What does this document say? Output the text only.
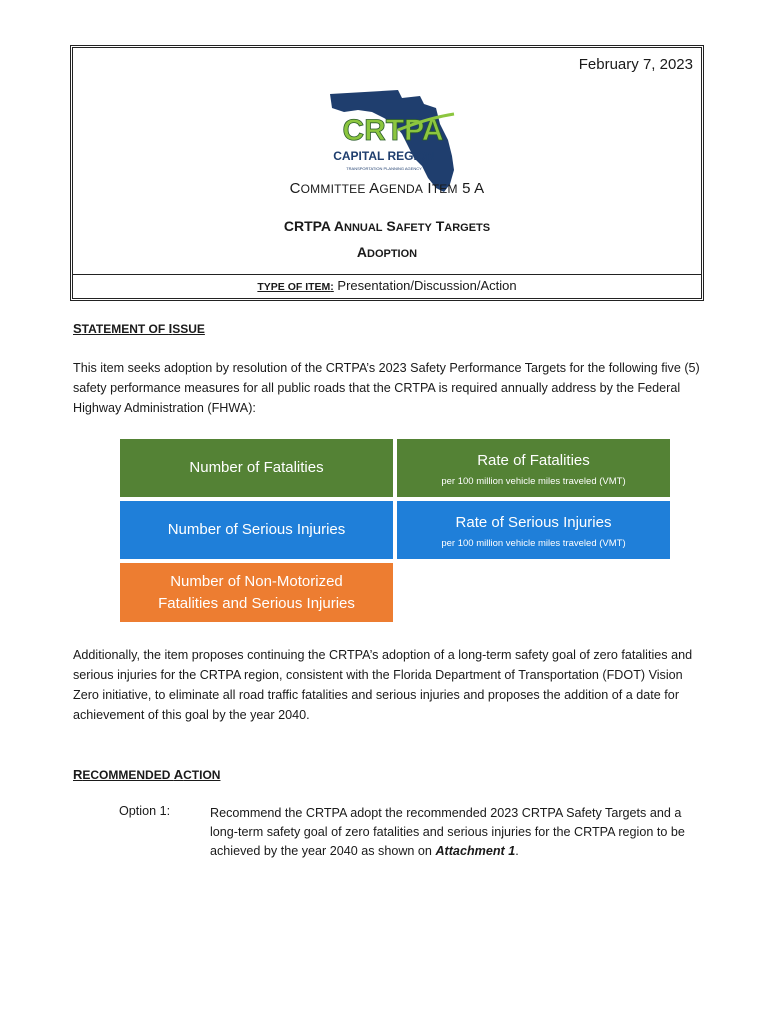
February 7, 2023
CRTPA
CAPITAL REGION
TRANSPORTATION PLANNING AGENCY
COMMITTEE AGENDA ITEM 5 A
CRTPA ANNUAL SAFETY TARGETS
ADOPTION
TYPE OF ITEM: Presentation/Discussion/Action
STATEMENT OF ISSUE

This item seeks adoption by resolution of the CRTPA’s 2023 Safety Performance Targets for the following five (5) safety performance measures for all public roads that the CRTPA is required annually address by the Federal Highway Administration (FHWA):

Number of Fatalities	Rate of Fatalities
per 100 million vehicle miles traveled (VMT)
Number of Serious Injuries	Rate of Serious Injuries
per 100 million vehicle miles traveled (VMT)
Number of Non-Motorized
Fatalities and Serious Injuries

Additionally, the item proposes continuing the CRTPA’s adoption of a long-term safety goal of zero fatalities and serious injuries for the CRTPA region, consistent with the Florida Department of Transportation (FDOT) Vision Zero initiative, to eliminate all road traffic fatalities and serious injuries and proposes the addition of a date for achievement of this goal by the year 2040.

RECOMMENDED ACTION
Option 1:	Recommend the CRTPA adopt the recommended 2023 CRTPA Safety Targets and a long-term safety goal of zero fatalities and serious injuries for the CRTPA region to be achieved by the year 2040 as shown on Attachment 1.
